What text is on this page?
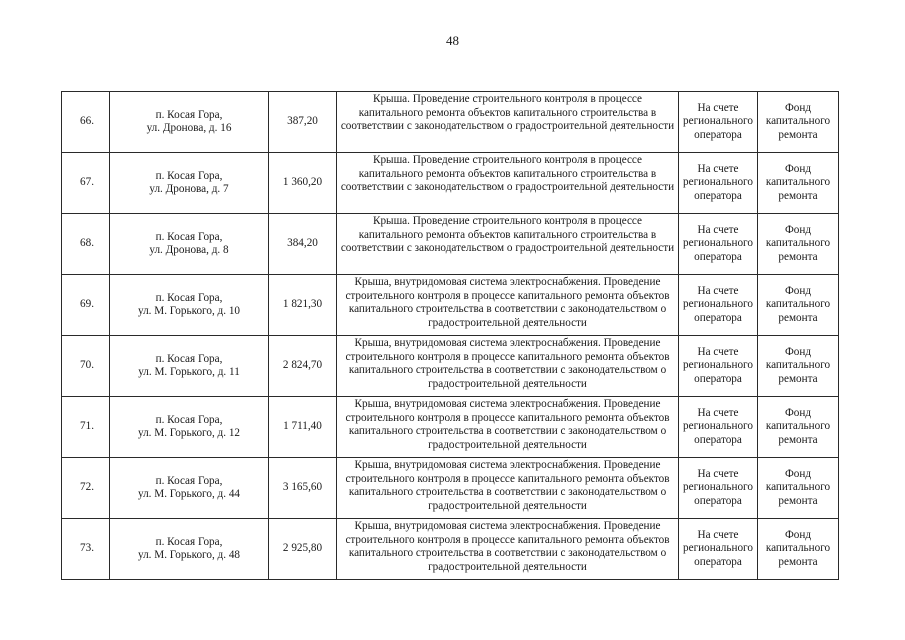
48
66.	п. Косая Гора,
ул. Дронова, д. 16	387,20	Крыша. Проведение строительного контроля в процессе капитального ремонта объектов капитального строительства в соответствии с законодательством о градостроительной деятельности	На счете регионального оператора	Фонд капитального ремонта
67.	п. Косая Гора,
ул. Дронова, д. 7	1 360,20	Крыша. Проведение строительного контроля в процессе капитального ремонта объектов капитального строительства в соответствии с законодательством о градостроительной деятельности	На счете регионального оператора	Фонд капитального ремонта
68.	п. Косая Гора,
ул. Дронова, д. 8	384,20	Крыша. Проведение строительного контроля в процессе капитального ремонта объектов капитального строительства в соответствии с законодательством о градостроительной деятельности	На счете регионального оператора	Фонд капитального ремонта
69.	п. Косая Гора,
ул. М. Горького, д. 10	1 821,30	Крыша, внутридомовая система электроснабжения. Проведение строительного контроля в процессе капитального ремонта объектов капитального строительства в соответствии с законодательством о градостроительной деятельности	На счете регионального оператора	Фонд капитального ремонта
70.	п. Косая Гора,
ул. М. Горького, д. 11	2 824,70	Крыша, внутридомовая система электроснабжения. Проведение строительного контроля в процессе капитального ремонта объектов капитального строительства в соответствии с законодательством о градостроительной деятельности	На счете регионального оператора	Фонд капитального ремонта
71.	п. Косая Гора,
ул. М. Горького, д. 12	1 711,40	Крыша, внутридомовая система электроснабжения. Проведение строительного контроля в процессе капитального ремонта объектов капитального строительства в соответствии с законодательством о градостроительной деятельности	На счете регионального оператора	Фонд капитального ремонта
72.	п. Косая Гора,
ул. М. Горького, д. 44	3 165,60	Крыша, внутридомовая система электроснабжения. Проведение строительного контроля в процессе капитального ремонта объектов капитального строительства в соответствии с законодательством о градостроительной деятельности	На счете регионального оператора	Фонд капитального ремонта
73.	п. Косая Гора,
ул. М. Горького, д. 48	2 925,80	Крыша, внутридомовая система электроснабжения. Проведение строительного контроля в процессе капитального ремонта объектов капитального строительства в соответствии с законодательством о градостроительной деятельности	На счете регионального оператора	Фонд капитального ремонта
